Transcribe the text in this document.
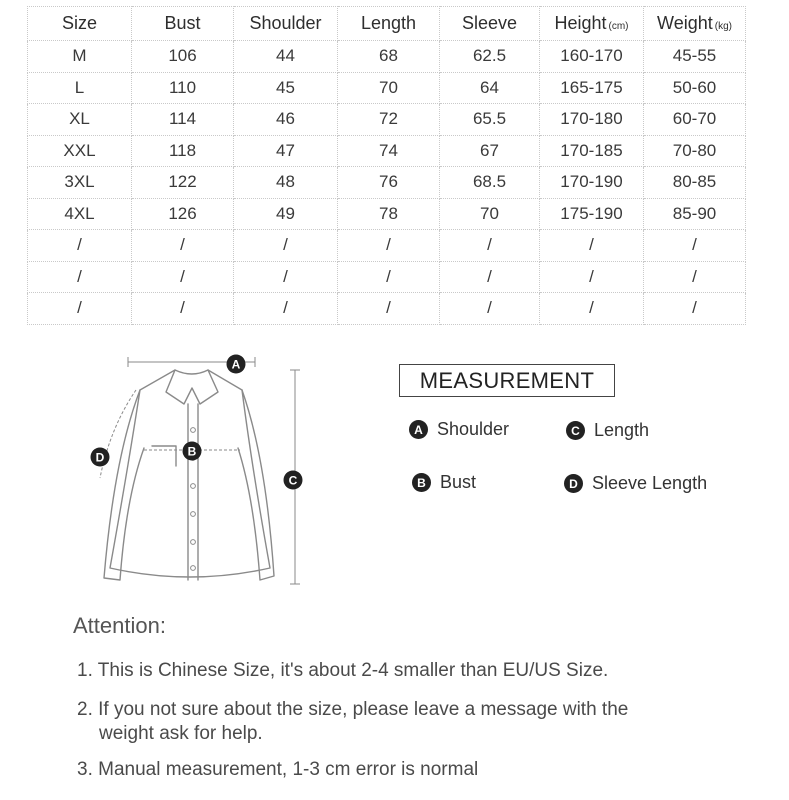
Size	Bust	Shoulder	Length	Sleeve	Height (cm)	Weight (kg)
M	106	44	68	62.5	160-170	45-55
L	110	45	70	64	165-175	50-60
XL	114	46	72	65.5	170-180	60-70
XXL	118	47	74	67	170-185	70-80
3XL	122	48	76	68.5	170-190	80-85
4XL	126	49	78	70	175-190	85-90
/	/	/	/	/	/	/
/	/	/	/	/	/	/
/	/	/	/	/	/	/
A
B
C
D
MEASUREMENT
A Shoulder	C Length
B Bust	D Sleeve Length
Attention:
1. This is Chinese Size, it's about 2-4 smaller than EU/US Size.
2. If you not sure about the size, please leave a message with the
weight ask for help.
3. Manual measurement, 1-3 cm error is normal
